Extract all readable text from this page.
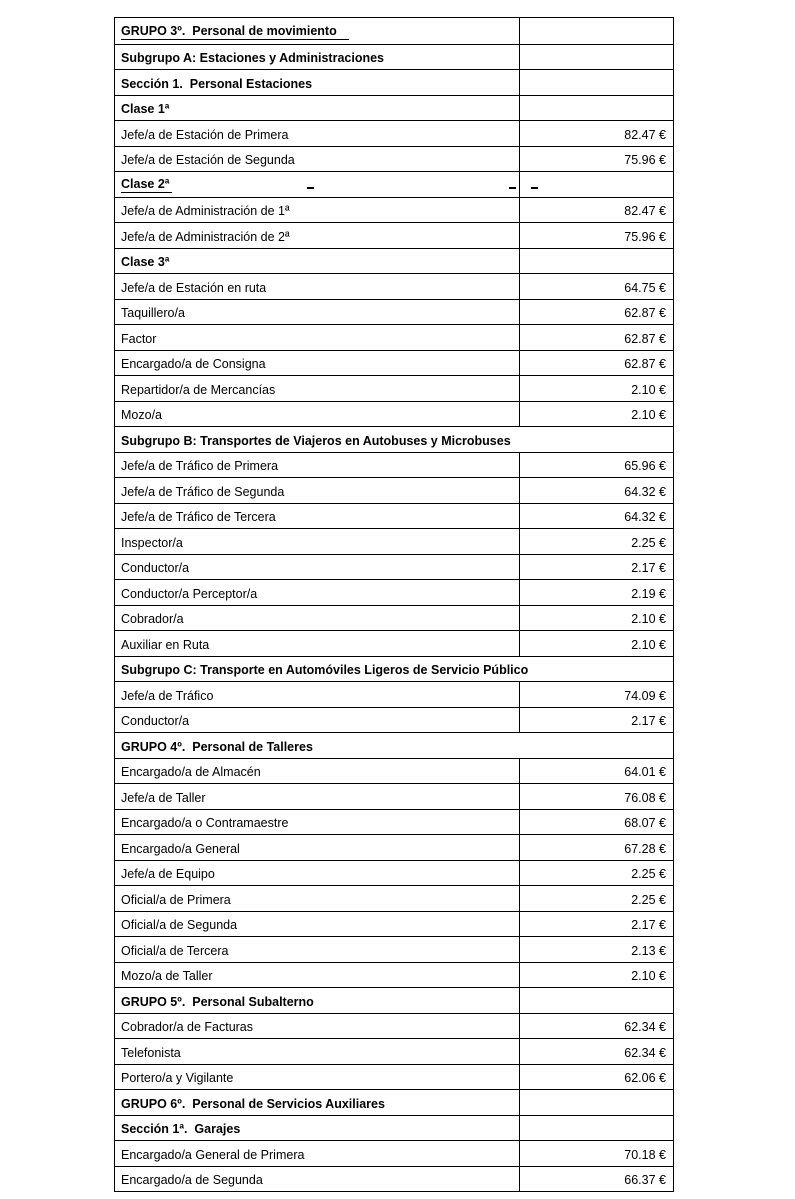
GRUPO 3º.  Personal de movimiento
Subgrupo A: Estaciones y Administraciones
Sección 1.  Personal Estaciones
Clase 1ª
Jefe/a de Estación de Primera	82.47 €
Jefe/a de Estación de Segunda	75.96 €
Clase 2ª
Jefe/a de Administración de 1ª	82.47 €
Jefe/a de Administración de 2ª	75.96 €
Clase 3ª
Jefe/a de Estación en ruta	64.75 €
Taquillero/a	62.87 €
Factor	62.87 €
Encargado/a de Consigna	62.87 €
Repartidor/a de Mercancías	2.10 €
Mozo/a	2.10 €
Subgrupo B: Transportes de Viajeros en Autobuses y Microbuses
Jefe/a de Tráfico de Primera	65.96 €
Jefe/a de Tráfico de Segunda	64.32 €
Jefe/a de Tráfico de Tercera	64.32 €
Inspector/a	2.25 €
Conductor/a	2.17 €
Conductor/a Perceptor/a	2.19 €
Cobrador/a	2.10 €
Auxiliar en Ruta	2.10 €
Subgrupo C: Transporte en Automóviles Ligeros de Servicio Público
Jefe/a de Tráfico	74.09 €
Conductor/a	2.17 €
GRUPO 4º.  Personal de Talleres
Encargado/a de Almacén	64.01 €
Jefe/a de Taller	76.08 €
Encargado/a o Contramaestre	68.07 €
Encargado/a General	67.28 €
Jefe/a de Equipo	2.25 €
Oficial/a de Primera	2.25 €
Oficial/a de Segunda	2.17 €
Oficial/a de Tercera	2.13 €
Mozo/a de Taller	2.10 €
GRUPO 5º.  Personal Subalterno
Cobrador/a de Facturas	62.34 €
Telefonista	62.34 €
Portero/a y Vigilante	62.06 €
GRUPO 6º.  Personal de Servicios Auxiliares
Sección 1ª.  Garajes
Encargado/a General de Primera	70.18 €
Encargado/a de Segunda	66.37 €
